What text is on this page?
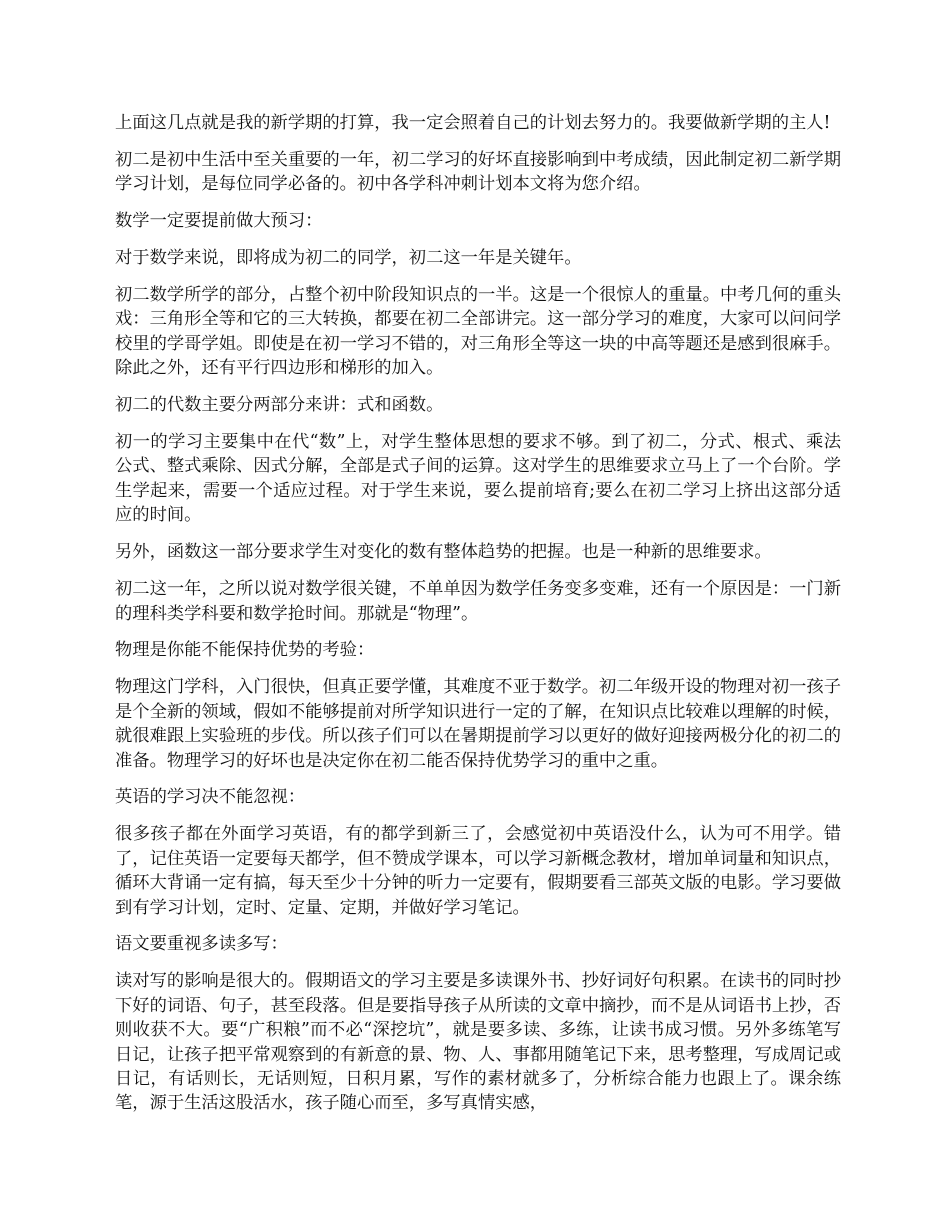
上面这几点就是我的新学期的打算，我一定会照着自己的计划去努力的。我要做新学期的主人!

初二是初中生活中至关重要的一年，初二学习的好坏直接影响到中考成绩，因此制定初二新学期学习计划，是每位同学必备的。初中各学科冲刺计划本文将为您介绍。

数学一定要提前做大预习：

对于数学来说，即将成为初二的同学，初二这一年是关键年。

初二数学所学的部分，占整个初中阶段知识点的一半。这是一个很惊人的重量。中考几何的重头戏：三角形全等和它的三大转换，都要在初二全部讲完。这一部分学习的难度，大家可以问问学校里的学哥学姐。即使是在初一学习不错的，对三角形全等这一块的中高等题还是感到很麻手。除此之外，还有平行四边形和梯形的加入。

初二的代数主要分两部分来讲：式和函数。

初一的学习主要集中在代“数”上，对学生整体思想的要求不够。到了初二，分式、根式、乘法公式、整式乘除、因式分解，全部是式子间的运算。这对学生的思维要求立马上了一个台阶。学生学起来，需要一个适应过程。对于学生来说，要么提前培育;要么在初二学习上挤出这部分适应的时间。

另外，函数这一部分要求学生对变化的数有整体趋势的把握。也是一种新的思维要求。

初二这一年，之所以说对数学很关键，不单单因为数学任务变多变难，还有一个原因是：一门新的理科类学科要和数学抢时间。那就是“物理”。

物理是你能不能保持优势的考验：

物理这门学科，入门很快，但真正要学懂，其难度不亚于数学。初二年级开设的物理对初一孩子是个全新的领域，假如不能够提前对所学知识进行一定的了解，在知识点比较难以理解的时候，就很难跟上实验班的步伐。所以孩子们可以在暑期提前学习以更好的做好迎接两极分化的初二的准备。物理学习的好坏也是决定你在初二能否保持优势学习的重中之重。

英语的学习决不能忽视：

很多孩子都在外面学习英语，有的都学到新三了，会感觉初中英语没什么，认为可不用学。错了，记住英语一定要每天都学，但不赞成学课本，可以学习新概念教材，增加单词量和知识点，循环大背诵一定有搞，每天至少十分钟的听力一定要有，假期要看三部英文版的电影。学习要做到有学习计划，定时、定量、定期，并做好学习笔记。

语文要重视多读多写：

读对写的影响是很大的。假期语文的学习主要是多读课外书、抄好词好句积累。在读书的同时抄下好的词语、句子，甚至段落。但是要指导孩子从所读的文章中摘抄，而不是从词语书上抄，否则收获不大。要“广积粮”而不必“深挖坑”，就是要多读、多练，让读书成习惯。另外多练笔写日记，让孩子把平常观察到的有新意的景、物、人、事都用随笔记下来，思考整理，写成周记或日记，有话则长，无话则短，日积月累，写作的素材就多了，分析综合能力也跟上了。课余练笔，源于生活这股活水，孩子随心而至，多写真情实感，
